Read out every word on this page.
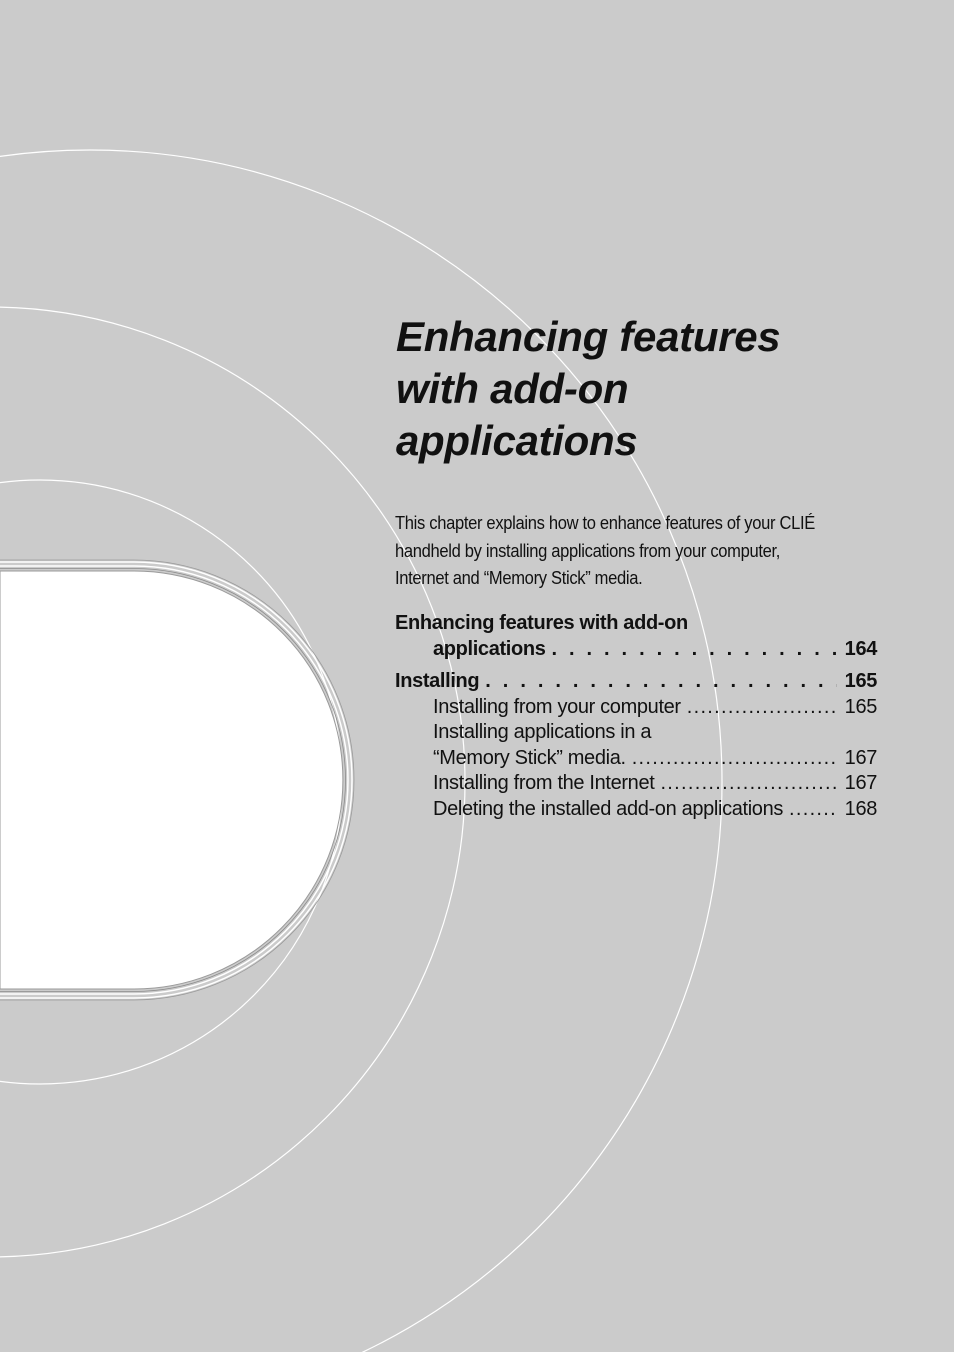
Enhancing features
with add-on
applications

This chapter explains how to enhance features of your CLIÉ
handheld by installing applications from your computer,
Internet and “Memory Stick” media.

Enhancing features with add-on
applications . . .	164
Installing . . .	165
Installing from your computer .....	165
Installing applications in a
“Memory Stick” media. .....	167
Installing from the Internet .....	167
Deleting the installed add-on applications .....	168
